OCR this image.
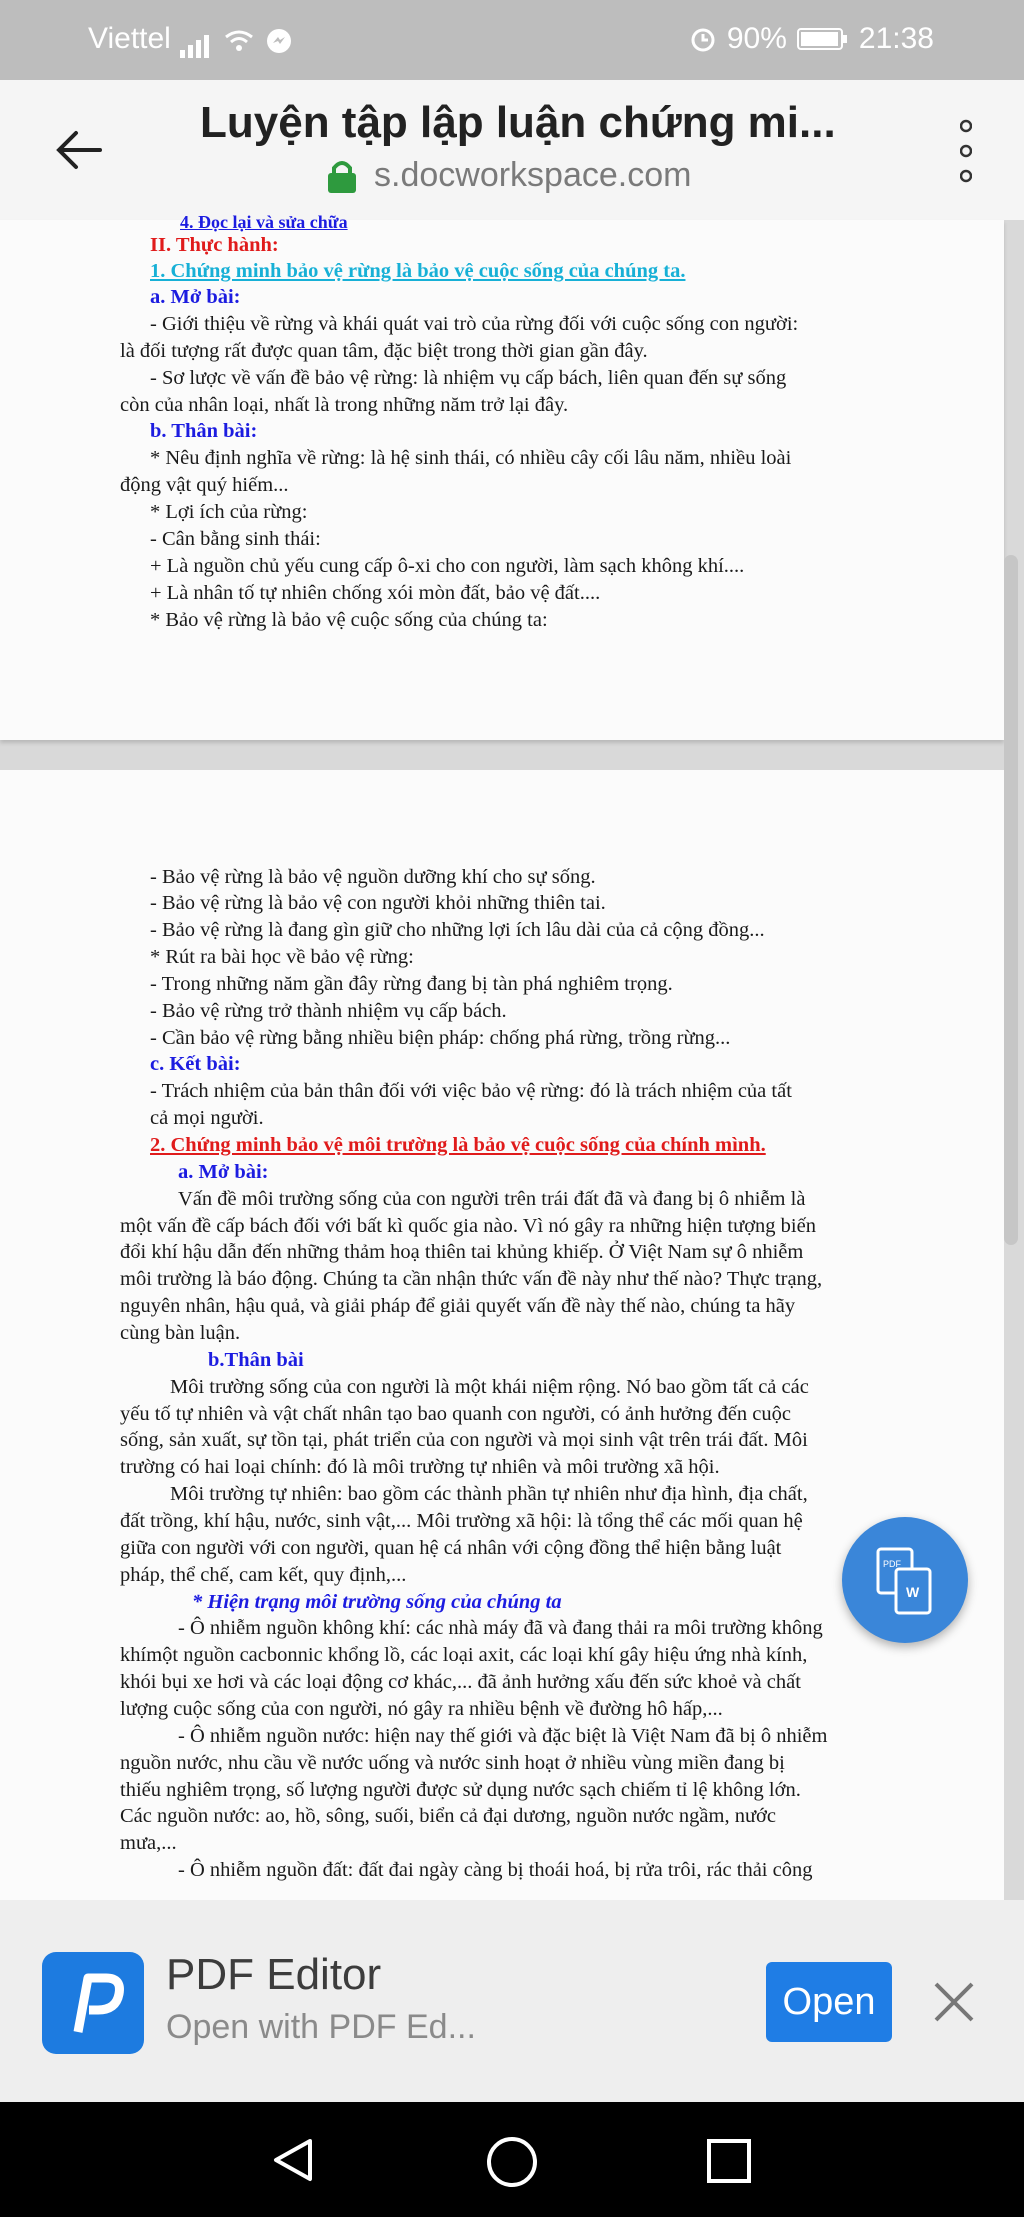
Viettel	90% 21:38
Luyện tập lập luận chứng mi...
s.docworkspace.com
4. Đọc lại và sửa chữa
II. Thực hành:
1. Chứng minh bảo vệ rừng là bảo vệ cuộc sống của chúng ta.
a. Mở bài:
- Giới thiệu về rừng và khái quát vai trò của rừng đối với cuộc sống con người:
là đối tượng rất được quan tâm, đặc biệt trong thời gian gần đây.
- Sơ lược về vấn đề bảo vệ rừng: là nhiệm vụ cấp bách, liên quan đến sự sống
còn của nhân loại, nhất là trong những năm trở lại đây.
b. Thân bài:
* Nêu định nghĩa về rừng: là hệ sinh thái, có nhiều cây cối lâu năm, nhiều loài
động vật quý hiếm...
* Lợi ích của rừng:
- Cân bằng sinh thái:
+ Là nguồn chủ yếu cung cấp ô-xi cho con người, làm sạch không khí....
+ Là nhân tố tự nhiên chống xói mòn đất, bảo vệ đất....
* Bảo vệ rừng là bảo vệ cuộc sống của chúng ta:
- Bảo vệ rừng là bảo vệ nguồn dưỡng khí cho sự sống.
- Bảo vệ rừng là bảo vệ con người khỏi những thiên tai.
- Bảo vệ rừng là đang gìn giữ cho những lợi ích lâu dài của cả cộng đồng...
* Rút ra bài học về bảo vệ rừng:
- Trong những năm gần đây rừng đang bị tàn phá nghiêm trọng.
- Bảo vệ rừng trở thành nhiệm vụ cấp bách.
- Cần bảo vệ rừng bằng nhiều biện pháp: chống phá rừng, trồng rừng...
c. Kết bài:
- Trách nhiệm của bản thân đối với việc bảo vệ rừng: đó là trách nhiệm của tất
cả mọi người.
2. Chứng minh bảo vệ môi trường là bảo vệ cuộc sống của chính mình.
a. Mở bài:
Vấn đề môi trường sống của con người trên trái đất đã và đang bị ô nhiễm là
một vấn đề cấp bách đối với bất kì quốc gia nào. Vì nó gây ra những hiện tượng biến
đổi khí hậu dẫn đến những thảm hoạ thiên tai khủng khiếp. Ở Việt Nam sự ô nhiễm
môi trường là báo động. Chúng ta cần nhận thức vấn đề này như thế nào? Thực trạng,
nguyên nhân, hậu quả, và giải pháp để giải quyết vấn đề này thế nào, chúng ta hãy
cùng bàn luận.
b.Thân bài
Môi trường sống của con người là một khái niệm rộng. Nó bao gồm tất cả các
yếu tố tự nhiên và vật chất nhân tạo bao quanh con người, có ảnh hưởng đến cuộc
sống, sản xuất, sự tồn tại, phát triển của con người và mọi sinh vật trên trái đất. Môi
trường có hai loại chính: đó là môi trường tự nhiên và môi trường xã hội.
Môi trường tự nhiên: bao gồm các thành phần tự nhiên như địa hình, địa chất,
đất trồng, khí hậu, nước, sinh vật,... Môi trường xã hội: là tổng thể các mối quan hệ
giữa con người với con người, quan hệ cá nhân với cộng đồng thể hiện bằng luật
pháp, thể chế, cam kết, quy định,...
* Hiện trạng môi trường sống của chúng ta
- Ô nhiễm nguồn không khí: các nhà máy đã và đang thải ra môi trường không
khímột nguồn cacbonnic khổng lồ, các loại axit, các loại khí gây hiệu ứng nhà kính,
khói bụi xe hơi và các loại động cơ khác,... đã ảnh hưởng xấu đến sức khoẻ và chất
lượng cuộc sống của con người, nó gây ra nhiều bệnh về đường hô hấp,...
- Ô nhiễm nguồn nước: hiện nay thế giới và đặc biệt là Việt Nam đã bị ô nhiễm
nguồn nước, nhu cầu về nước uống và nước sinh hoạt ở nhiều vùng miền đang bị
thiếu nghiêm trọng, số lượng người được sử dụng nước sạch chiếm tỉ lệ không lớn.
Các nguồn nước: ao, hồ, sông, suối, biển cả đại dương, nguồn nước ngầm, nước
mưa,...
- Ô nhiễm nguồn đất: đất đai ngày càng bị thoái hoá, bị rửa trôi, rác thải công
PDF
W
PDF Editor
Open with PDF Ed...
Open
